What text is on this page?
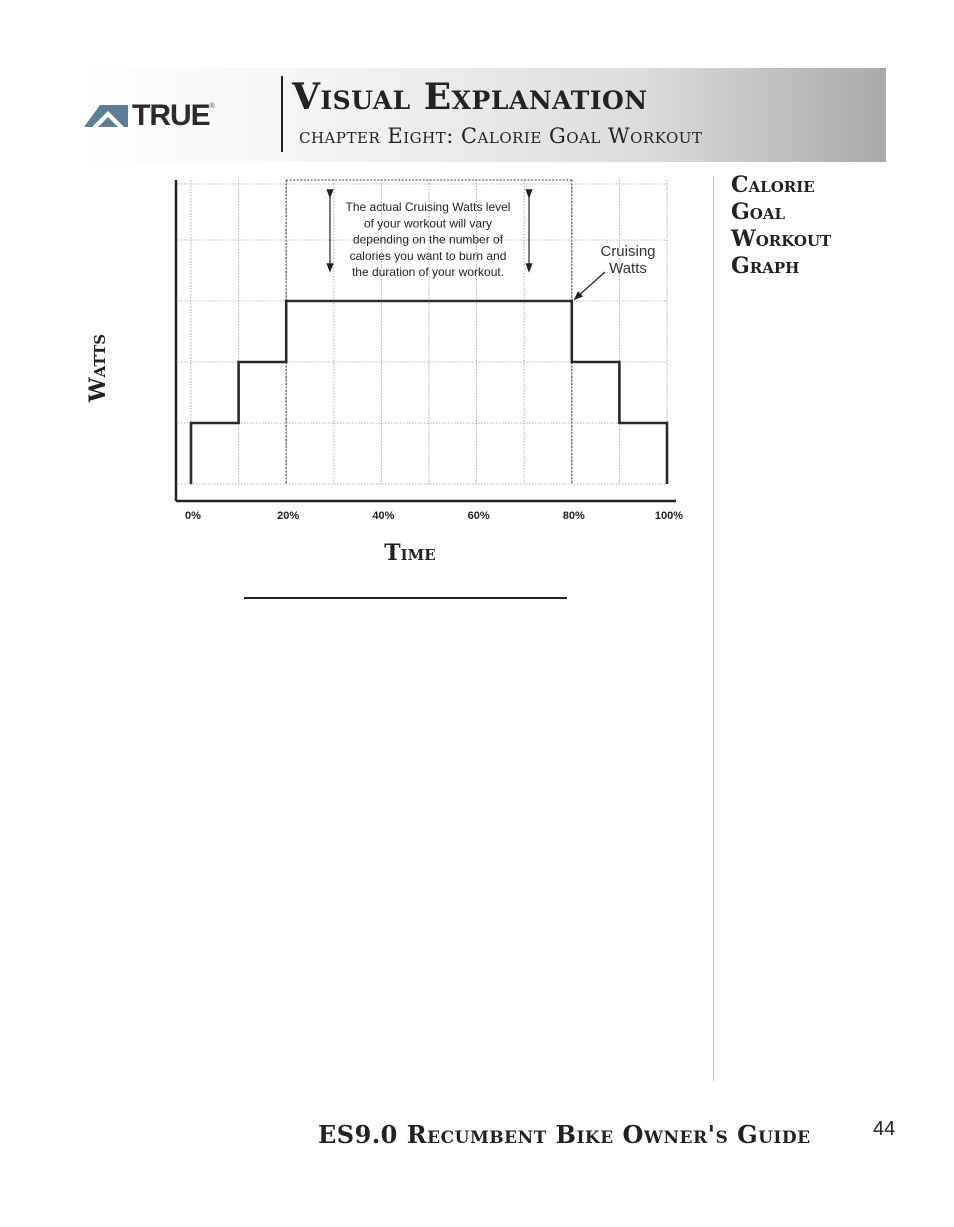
TRUE ® Visual Explanation
chapter Eight: Calorie Goal Workout
Calorie
Goal
Workout
Graph
0%	20%	40%	60%	80%	100%
The actual Cruising Watts level
of your workout will vary
depending on the number of
calories you want to burn and
the duration of your workout.
Cruising
Watts
Watts
Time
ES9.0 Recumbent Bike Owner's Guide	44
